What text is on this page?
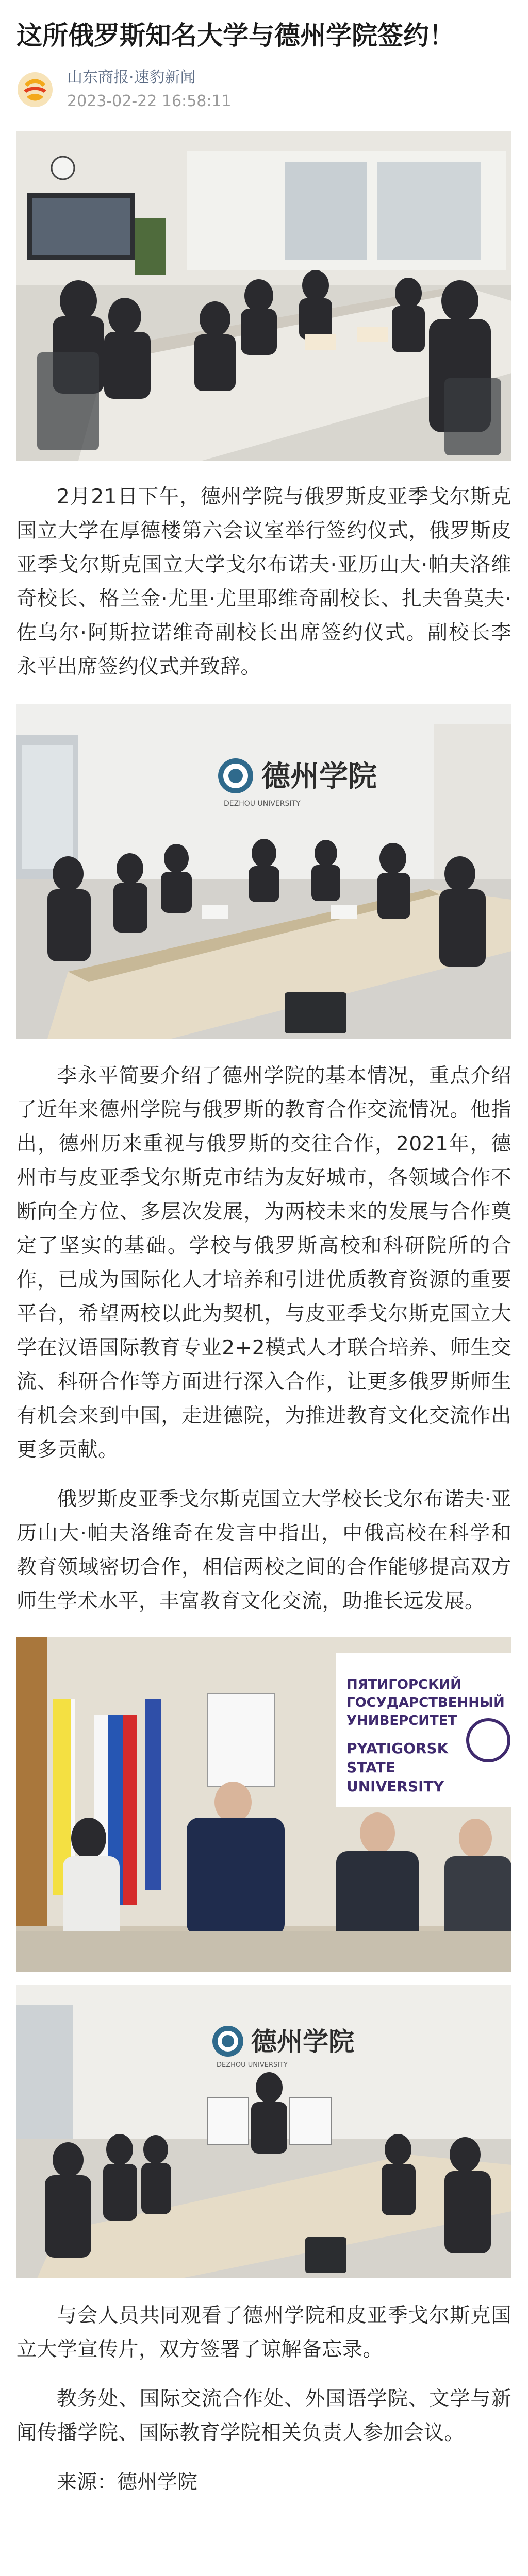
这所俄罗斯知名大学与德州学院签约！
山东商报·速豹新闻
2023-02-22 16:58:11

2月21日下午，德州学院与俄罗斯皮亚季戈尔斯克国立大学在厚德楼第六会议室举行签约仪式，俄罗斯皮亚季戈尔斯克国立大学戈尔布诺夫·亚历山大·帕夫洛维奇校长、格兰金·尤里·尤里耶维奇副校长、扎夫鲁莫夫·佐乌尔·阿斯拉诺维奇副校长出席签约仪式。副校长李永平出席签约仪式并致辞。

德州学院
DEZHOU UNIVERSITY

李永平简要介绍了德州学院的基本情况，重点介绍了近年来德州学院与俄罗斯的教育合作交流情况。他指出，德州历来重视与俄罗斯的交往合作，2021年，德州市与皮亚季戈尔斯克市结为友好城市，各领域合作不断向全方位、多层次发展，为两校未来的发展与合作奠定了坚实的基础。学校与俄罗斯高校和科研院所的合作，已成为国际化人才培养和引进优质教育资源的重要平台，希望两校以此为契机，与皮亚季戈尔斯克国立大学在汉语国际教育专业2+2模式人才联合培养、师生交流、科研合作等方面进行深入合作，让更多俄罗斯师生有机会来到中国，走进德院，为推进教育文化交流作出更多贡献。

俄罗斯皮亚季戈尔斯克国立大学校长戈尔布诺夫·亚历山大·帕夫洛维奇在发言中指出，中俄高校在科学和教育领域密切合作，相信两校之间的合作能够提高双方师生学术水平，丰富教育文化交流，助推长远发展。

ПЯТИГОРСКИЙ
ГОСУДАРСТВЕННЫЙ
УНИВЕРСИТЕТ
PYATIGORSK
STATE
UNIVERSITY
德州学院
DEZHOU UNIVERSITY

与会人员共同观看了德州学院和皮亚季戈尔斯克国立大学宣传片，双方签署了谅解备忘录。

教务处、国际交流合作处、外国语学院、文学与新闻传播学院、国际教育学院相关负责人参加会议。

来源：德州学院
